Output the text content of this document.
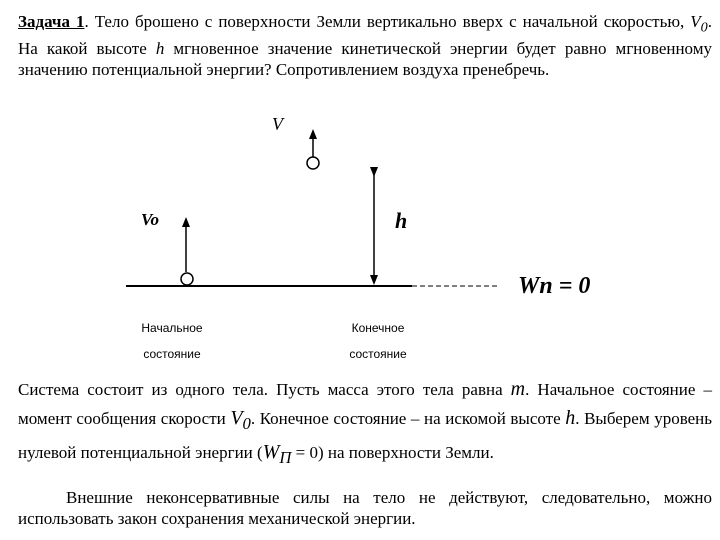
Задача 1. Тело брошено с поверхности Земли вертикально вверх с начальной скоростью, $V_0$. На какой высоте h мгновенное значение кинетической энергии будет равно мгновенному значению потенциальной энергии? Сопротивлением воздуха пренебречь.
V
Vo	h
Wп = 0
Начальное
состояние
Конечное
состояние
Система состоит из одного тела. Пусть масса этого тела равна m. Начальное состояние – момент сообщения скорости $V_0$. Конечное состояние – на искомой высоте h. Выберем уровень нулевой потенциальной энергии $(W_П = 0)$ на поверхности Земли.
Внешние неконсервативные силы на тело не действуют, следовательно, можно использовать закон сохранения механической энергии.
